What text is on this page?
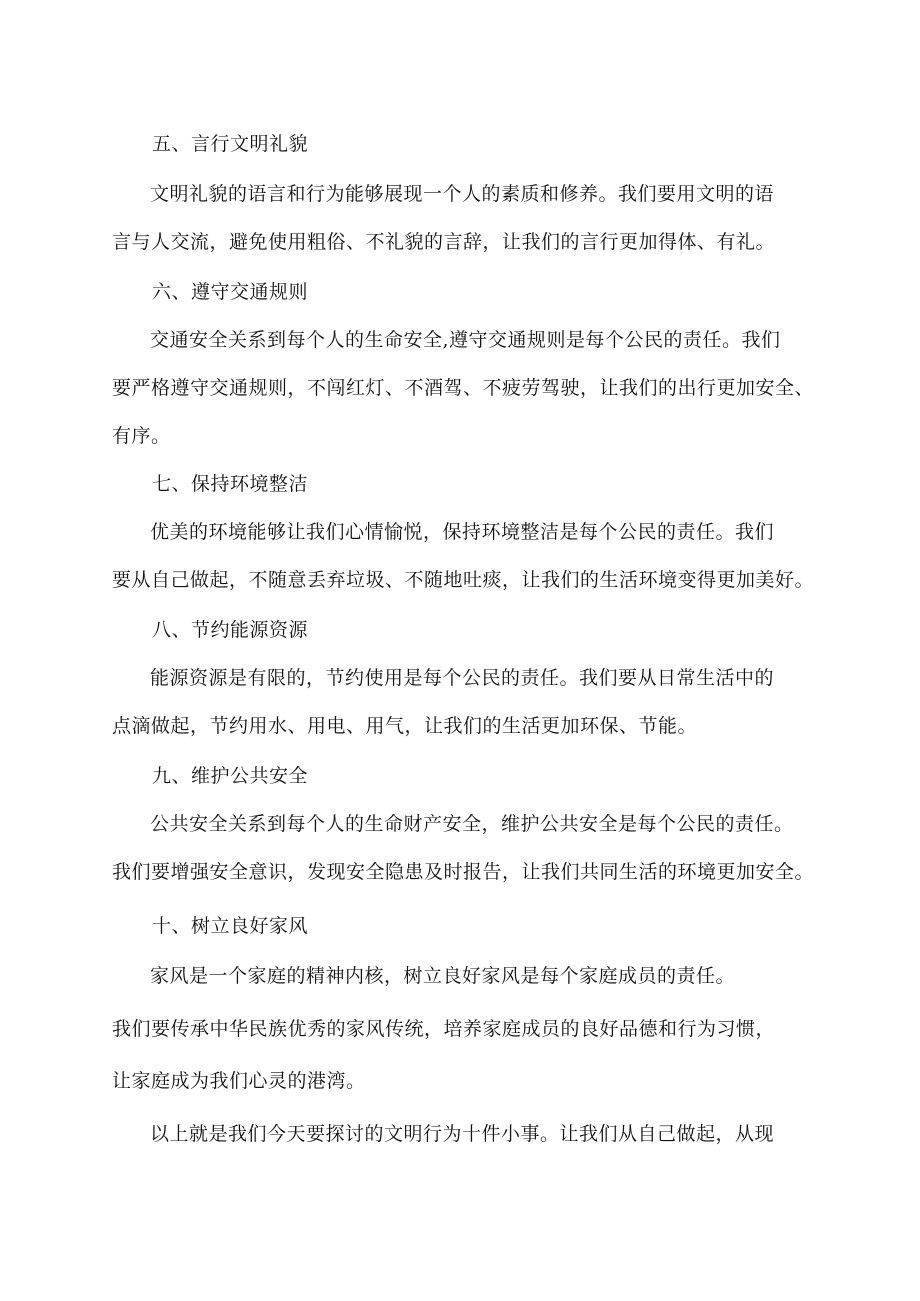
五、言行文明礼貌
文明礼貌的语言和行为能够展现一个人的素质和修养。我们要用文明的语
言与人交流，避免使用粗俗、不礼貌的言辞，让我们的言行更加得体、有礼。
六、遵守交通规则
交通安全关系到每个人的生命安全,遵守交通规则是每个公民的责任。我们
要严格遵守交通规则，不闯红灯、不酒驾、不疲劳驾驶，让我们的出行更加安全、
有序。
七、保持环境整洁
优美的环境能够让我们心情愉悦，保持环境整洁是每个公民的责任。我们
要从自己做起，不随意丢弃垃圾、不随地吐痰，让我们的生活环境变得更加美好。
八、节约能源资源
能源资源是有限的，节约使用是每个公民的责任。我们要从日常生活中的
点滴做起，节约用水、用电、用气，让我们的生活更加环保、节能。
九、维护公共安全
公共安全关系到每个人的生命财产安全，维护公共安全是每个公民的责任。
我们要增强安全意识，发现安全隐患及时报告，让我们共同生活的环境更加安全。
十、树立良好家风
家风是一个家庭的精神内核，树立良好家风是每个家庭成员的责任。
我们要传承中华民族优秀的家风传统，培养家庭成员的良好品德和行为习惯，
让家庭成为我们心灵的港湾。
以上就是我们今天要探讨的文明行为十件小事。让我们从自己做起，从现
